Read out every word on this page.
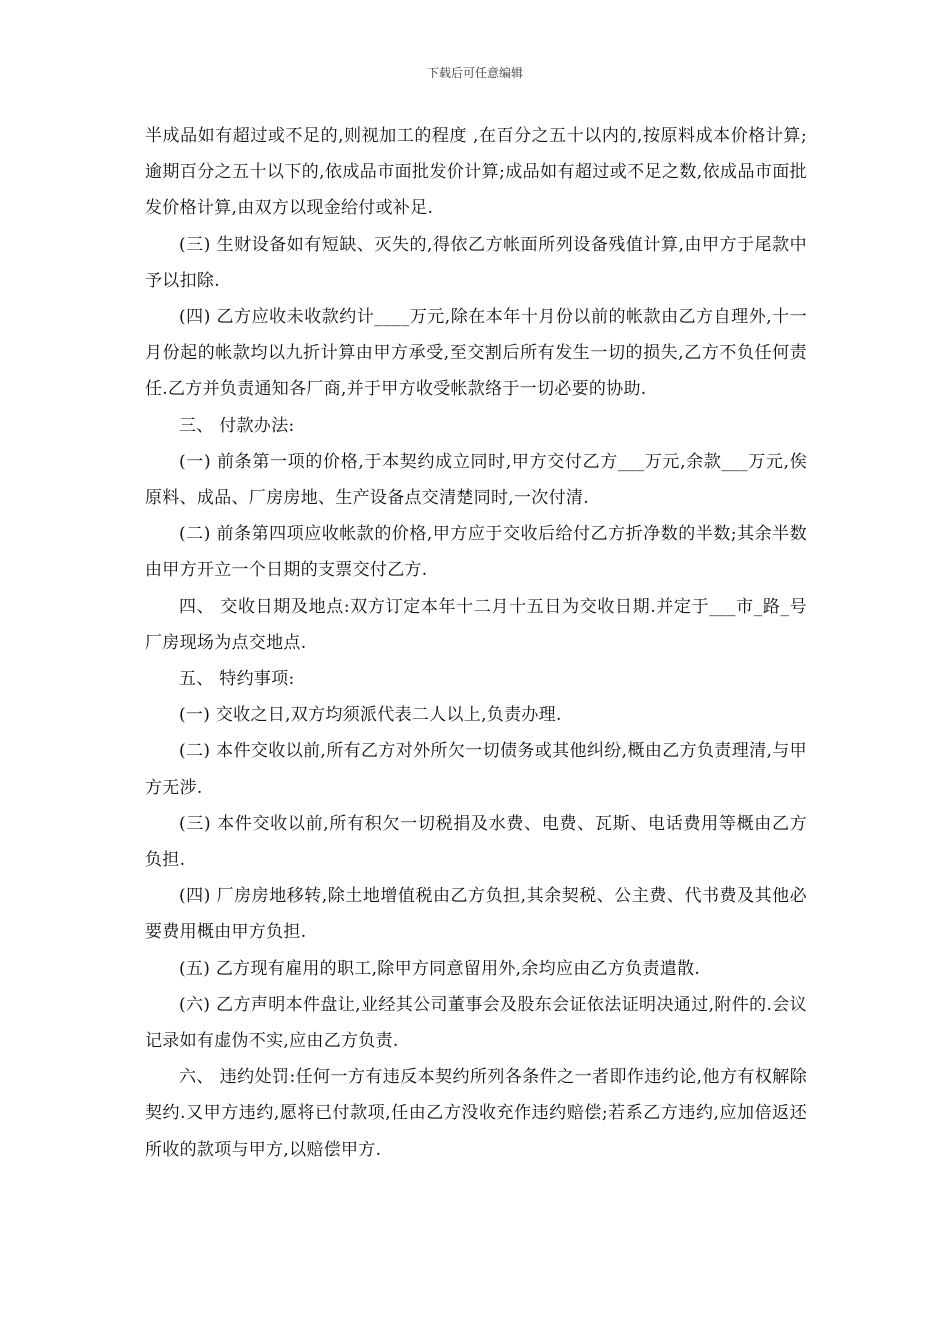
下载后可任意编辑

半成品如有超过或不足的,则视加工的程度 ,在百分之五十以内的,按原料成本价格计算;逾期百分之五十以下的,依成品市面批发价计算;成品如有超过或不足之数,依成品市面批发价格计算,由双方以现金给付或补足.

(三) 生财设备如有短缺、灭失的,得依乙方帐面所列设备残值计算,由甲方于尾款中予以扣除.

(四) 乙方应收未收款约计____万元,除在本年十月份以前的帐款由乙方自理外,十一月份起的帐款均以九折计算由甲方承受,至交割后所有发生一切的损失,乙方不负任何责任.乙方并负责通知各厂商,并于甲方收受帐款络于一切必要的协助.

三、 付款办法:

(一) 前条第一项的价格,于本契约成立同时,甲方交付乙方___万元,余款___万元,俟原料、成品、厂房房地、生产设备点交清楚同时,一次付清.

(二) 前条第四项应收帐款的价格,甲方应于交收后给付乙方折净数的半数;其余半数由甲方开立一个日期的支票交付乙方.

四、 交收日期及地点:双方订定本年十二月十五日为交收日期.并定于___市_路_号厂房现场为点交地点.

五、 特约事项:

(一) 交收之日,双方均须派代表二人以上,负责办理.

(二) 本件交收以前,所有乙方对外所欠一切债务或其他纠纷,概由乙方负责理清,与甲方无涉.

(三) 本件交收以前,所有积欠一切税捐及水费、电费、瓦斯、电话费用等概由乙方负担.

(四) 厂房房地移转,除土地增值税由乙方负担,其余契税、公主费、代书费及其他必要费用概由甲方负担.

(五) 乙方现有雇用的职工,除甲方同意留用外,余均应由乙方负责遣散.

(六) 乙方声明本件盘让,业经其公司董事会及股东会证依法证明决通过,附件的.会议记录如有虚伪不实,应由乙方负责.

六、 违约处罚:任何一方有违反本契约所列各条件之一者即作违约论,他方有权解除契约.又甲方违约,愿将已付款项,任由乙方没收充作违约赔偿;若系乙方违约,应加倍返还所收的款项与甲方,以赔偿甲方.
